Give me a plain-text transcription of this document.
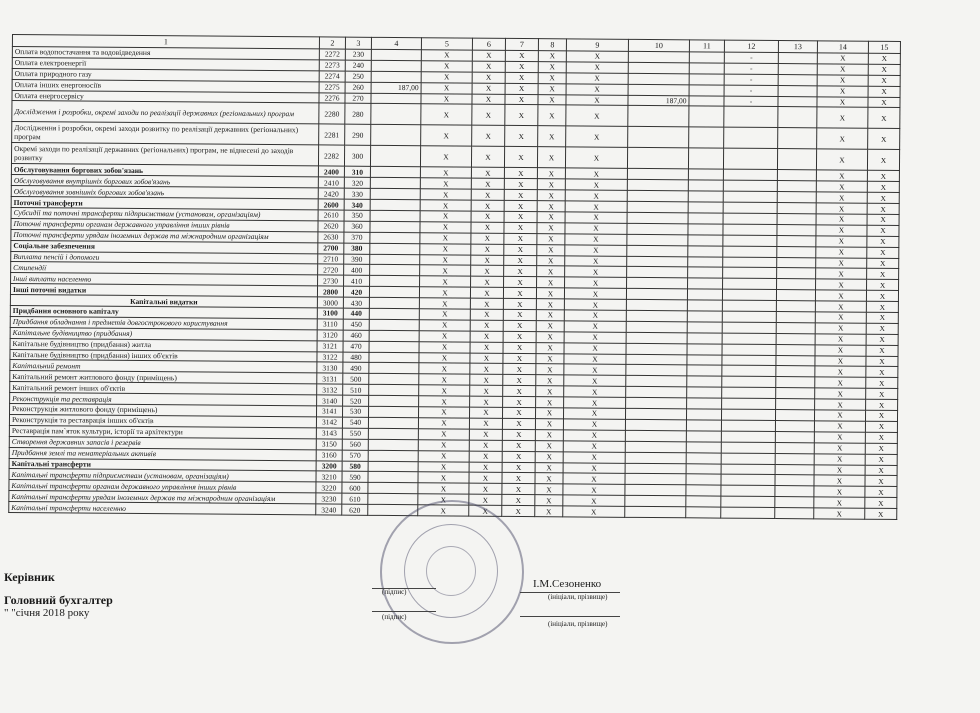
1	2	3	4	5	6	7	8	9	10	11	12	13	14	15
Оплата водопостачання та водовідведення	2272	230		X	X	X	X	X			-		X	X
Оплата електроенергії	2273	240		X	X	X	X	X			-		X	X
Оплата природного газу	2274	250		X	X	X	X	X			-		X	X
Оплата інших енергоносіїв	2275	260	187,00	X	X	X	X	X			-		X	X
Оплата енергосервісу	2276	270		X	X	X	X	X	187,00		-		X	X
Дослідження і розробки, окремі заходи по реалізації державних (регіональних) програм	2280	280		X	X	X	X	X					X	X
Дослідження і розробки, окремі заходи розвитку по реалізації державних (регіональних) програм	2281	290		X	X	X	X	X					X	X
Окремі заходи по реалізації державних (регіональних) програм, не віднесені до заходів розвитку	2282	300		X	X	X	X	X					X	X
Обслуговування боргових зобов'язань	2400	310		X	X	X	X	X					X	X
Обслуговування внутрішніх боргових зобов'язань	2410	320		X	X	X	X	X					X	X
Обслуговування зовнішніх боргових зобов'язань	2420	330		X	X	X	X	X					X	X
Поточні трансферти	2600	340		X	X	X	X	X					X	X
Субсидії та поточні трансферти підприємствам (установам, організаціям)	2610	350		X	X	X	X	X					X	X
Поточні трансферти органам державного управління інших рівнів	2620	360		X	X	X	X	X					X	X
Поточні трансферти урядам іноземних держав та міжнародним організаціям	2630	370		X	X	X	X	X					X	X
Соціальне забезпечення	2700	380		X	X	X	X	X					X	X
Виплата пенсій і допомоги	2710	390		X	X	X	X	X					X	X
Стипендії	2720	400		X	X	X	X	X					X	X
Інші виплати населенню	2730	410		X	X	X	X	X					X	X
Інші поточні видатки	2800	420		X	X	X	X	X					X	X
Капітальні видатки	3000	430		X	X	X	X	X					X	X
Придбання основного капіталу	3100	440		X	X	X	X	X					X	X
Придбання обладнання і предметів довгострокового користування	3110	450		X	X	X	X	X					X	X
Капітальне будівництво (придбання)	3120	460		X	X	X	X	X					X	X
Капітальне будівництво (придбання) житла	3121	470		X	X	X	X	X					X	X
Капітальне будівництво (придбання) інших об'єктів	3122	480		X	X	X	X	X					X	X
Капітальний ремонт	3130	490		X	X	X	X	X					X	X
Капітальний ремонт житлового фонду (приміщень)	3131	500		X	X	X	X	X					X	X
Капітальний ремонт інших об'єктів	3132	510		X	X	X	X	X					X	X
Реконструкція та реставрація	3140	520		X	X	X	X	X					X	X
Реконструкція житлового фонду (приміщень)	3141	530		X	X	X	X	X					X	X
Реконструкція та реставрація інших об'єктів	3142	540		X	X	X	X	X					X	X
Реставрація пам`яток культури, історії та архітектури	3143	550		X	X	X	X	X					X	X
Створення державних запасів і резервів	3150	560		X	X	X	X	X					X	X
Придбання землі та нематеріальних активів	3160	570		X	X	X	X	X					X	X
Капітальні трансферти	3200	580		X	X	X	X	X					X	X
Капітальні трансферти підприємствам (установам, організаціям)	3210	590		X	X	X	X	X					X	X
Капітальні трансферти органам державного управління інших рівнів	3220	600		X	X	X	X	X					X	X
Капітальні трансферти урядам іноземних держав та міжнародним організаціям	3230	610		X	X	X	X	X					X	X
Капітальні трансферти населенню	3240	620		X	X	X	X	X					X	X
Керівник
Головний бухгалтер
" "січня 2018 року
(підпис)
І.М.Сезоненко
(ініціали, прізвище)
(підпис)
(ініціали, прізвище)
